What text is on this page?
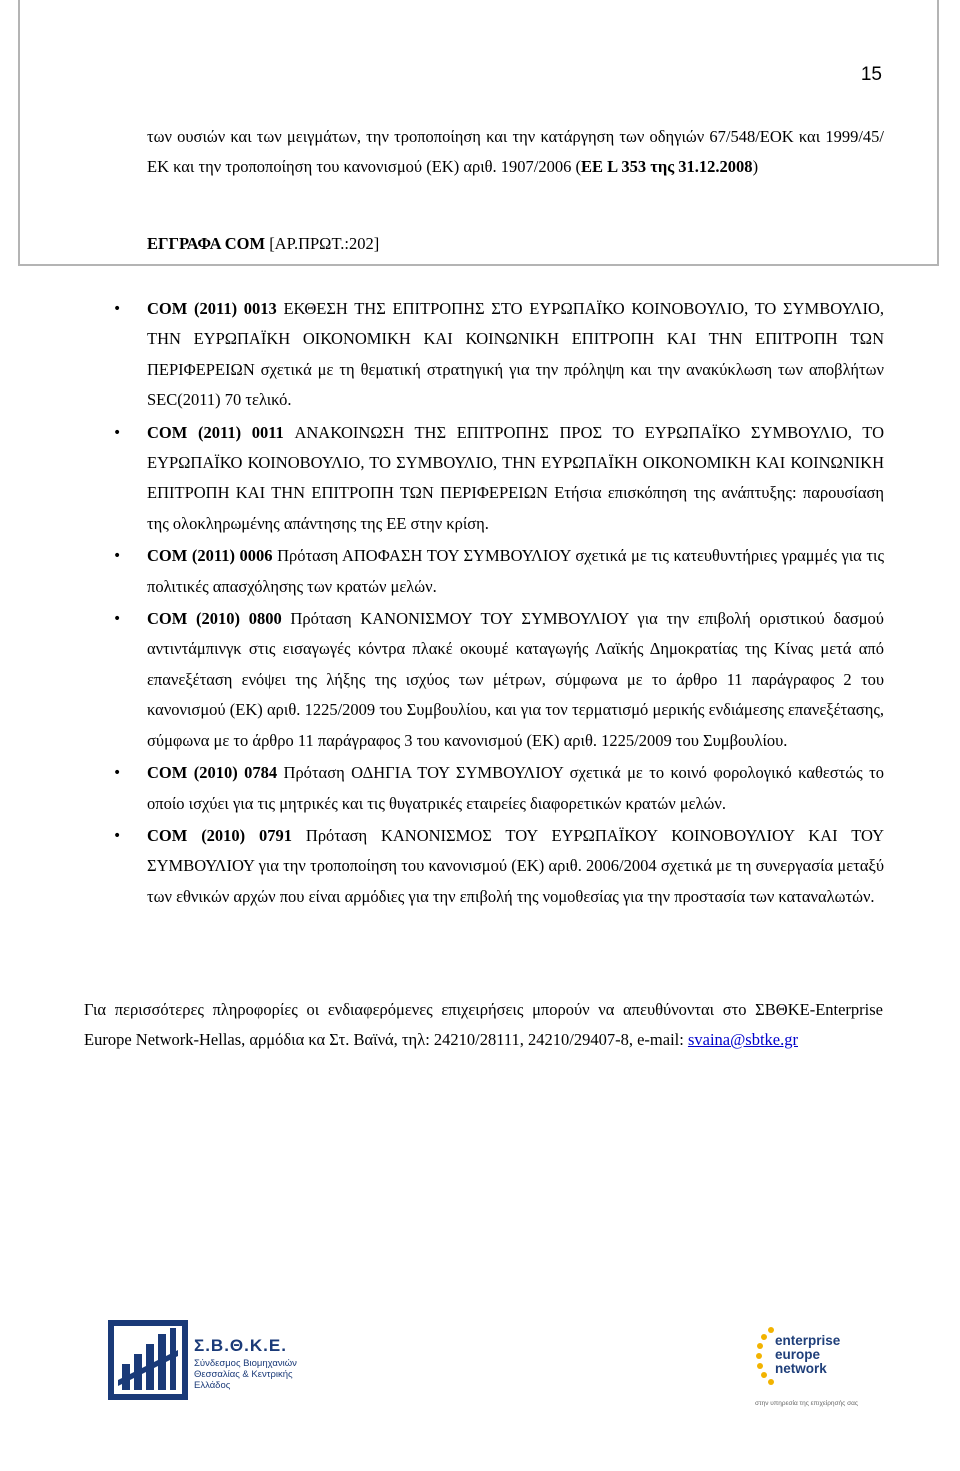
15
των ουσιών και των μειγμάτων, την τροποποίηση και την κατάργηση των οδηγιών 67/548/ΕΟΚ και 1999/45/ΕΚ και την τροποποίηση του κανονισμού (ΕΚ) αριθ. 1907/2006 (ΕΕ L 353 της 31.12.2008)
ΕΓΓΡΑΦΑ COM [ΑΡ.ΠΡΩΤ.:202]
• COM (2011) 0013 ΕΚΘΕΣΗ ΤΗΣ ΕΠΙΤΡΟΠΗΣ ΣΤΟ ΕΥΡΩΠΑΪΚΟ ΚΟΙΝΟΒΟΥΛΙΟ, ΤΟ ΣΥΜΒΟΥΛΙΟ, ΤΗΝ ΕΥΡΩΠΑΪΚΗ ΟΙΚΟΝΟΜΙΚΗ ΚΑΙ ΚΟΙΝΩΝΙΚΗ ΕΠΙΤΡΟΠΗ ΚΑΙ ΤΗΝ ΕΠΙΤΡΟΠΗ ΤΩΝ ΠΕΡΙΦΕΡΕΙΩΝ σχετικά με τη θεματική στρατηγική για την πρόληψη και την ανακύκλωση των αποβλήτων SEC(2011) 70 τελικό.
• COM (2011) 0011 ΑΝΑΚΟΙΝΩΣΗ ΤΗΣ ΕΠΙΤΡΟΠΗΣ ΠΡΟΣ ΤΟ ΕΥΡΩΠΑΪΚΟ ΣΥΜΒΟΥΛΙΟ, ΤΟ ΕΥΡΩΠΑΪΚΟ ΚΟΙΝΟΒΟΥΛΙΟ, ΤΟ ΣΥΜΒΟΥΛΙΟ, ΤΗΝ ΕΥΡΩΠΑΪΚΗ ΟΙΚΟΝΟΜΙΚΗ ΚΑΙ ΚΟΙΝΩΝΙΚΗ ΕΠΙΤΡΟΠΗ ΚΑΙ ΤΗΝ ΕΠΙΤΡΟΠΗ ΤΩΝ ΠΕΡΙΦΕΡΕΙΩΝ Ετήσια επισκόπηση της ανάπτυξης: παρουσίαση της ολοκληρωμένης απάντησης της ΕΕ στην κρίση.
• COM (2011) 0006 Πρόταση ΑΠΟΦΑΣΗ ΤΟΥ ΣΥΜΒΟΥΛΙΟΥ σχετικά με τις κατευθυντήριες γραμμές για τις πολιτικές απασχόλησης των κρατών μελών.
• COM (2010) 0800 Πρόταση ΚΑΝΟΝΙΣΜΟΥ ΤΟΥ ΣΥΜΒΟΥΛΙΟΥ για την επιβολή οριστικού δασμού αντιντάμπινγκ στις εισαγωγές κόντρα πλακέ οκουμέ καταγωγής Λαϊκής Δημοκρατίας της Κίνας μετά από επανεξέταση ενόψει της λήξης της ισχύος των μέτρων, σύμφωνα με το άρθρο 11 παράγραφος 2 του κανονισμού (ΕΚ) αριθ. 1225/2009 του Συμβουλίου, και για τον τερματισμό μερικής ενδιάμεσης επανεξέτασης, σύμφωνα με το άρθρο 11 παράγραφος 3 του κανονισμού (ΕΚ) αριθ. 1225/2009 του Συμβουλίου.
• COM (2010) 0784 Πρόταση ΟΔΗΓΙΑ ΤΟΥ ΣΥΜΒΟΥΛΙΟΥ σχετικά με το κοινό φορολογικό καθεστώς το οποίο ισχύει για τις μητρικές και τις θυγατρικές εταιρείες διαφορετικών κρατών μελών.
• COM (2010) 0791 Πρόταση ΚΑΝΟΝΙΣΜΟΣ ΤΟΥ ΕΥΡΩΠΑΪΚΟΥ ΚΟΙΝΟΒΟΥΛΙΟΥ ΚΑΙ ΤΟΥ ΣΥΜΒΟΥΛΙΟΥ για την τροποποίηση του κανονισμού (ΕΚ) αριθ. 2006/2004 σχετικά με τη συνεργασία μεταξύ των εθνικών αρχών που είναι αρμόδιες για την επιβολή της νομοθεσίας για την προστασία των καταναλωτών.
Για περισσότερες πληροφορίες οι ενδιαφερόμενες επιχειρήσεις μπορούν να απευθύνονται στο ΣΒΘΚΕ-Enterprise Europe Network-Hellas, αρμόδια κα Στ. Βαϊνά, τηλ: 24210/28111, 24210/29407-8, e-mail: svaina@sbtke.gr
Σ.Β.Θ.Κ.Ε.
Σύνδεσμος Βιομηχανιών Θεσσαλίας & Κεντρικής Ελλάδος
enterprise
europe
network
στην υπηρεσία της επιχείρησής σας
